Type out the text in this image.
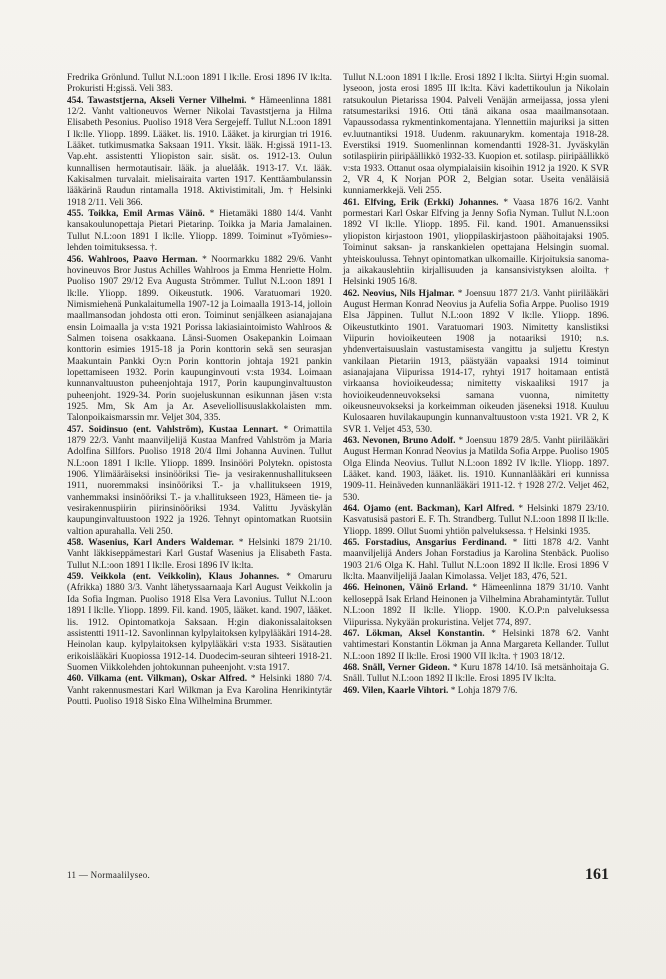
Fredrika Grönlund. Tullut N.L:oon 1891 I lk:lle. Erosi 1896 IV lk:lta. Prokuristi H:gissä. Veli 383.

454. Tawaststjerna, Akseli Verner Vilhelmi. * Hämeenlinna 1881 12/2. Vanht valtioneuvos Werner Nikolai Tavaststjerna ja Hilma Elisabeth Pesonius. Puoliso 1918 Vera Sergejeff. Tullut N.L:oon 1891 I lk:lle. Yliopp. 1899. Lääket. lis. 1910. Lääket. ja kirurgian tri 1916. Lääket. tutkimusmatka Saksaan 1911. Yksit. lääk. H:gissä 1911-13. Vap.eht. assistentti Yliopiston sair. sisät. os. 1912-13. Oulun kunnallisen hermotautisair. lääk. ja alueläåk. 1913-17. V.t. lääk. Kakisalmen turvalait. mielisairaita varten 1917. Kenttäambulanssin lääkärinä Raudun rintamalla 1918. Aktivistimitali, Jm. † Helsinki 1918 2/11. Veli 366.

455. Toikka, Emil Armas Väinö. * Hietamäki 1880 14/4. Vanht kansakoulunopettaja Pietari Pietarinp. Toikka ja Maria Jamalainen. Tullut N.L:oon 1891 I lk:lle. Yliopp. 1899. Toiminut »Työmies»-lehden toimituksessa. †.

456. Wahlroos, Paavo Herman. * Noormarkku 1882 29/6. Vanht hovineuvos Bror Justus Achilles Wahlroos ja Emma Henriette Holm. Puoliso 1907 29/12 Eva Augusta Strömmer. Tullut N.L:oon 1891 I lk:lle. Yliopp. 1899. Oikeustutk. 1906. Varatuomari 1920. Nimismiehenä Punkalaitumella 1907-12 ja Loimaalla 1913-14, jolloin maallmansodan johdosta otti eron. Toiminut senjälkeen asianajajana ensin Loimaalla ja v:sta 1921 Porissa lakiasiaintoimisto Wahlroos & Salmen toisena osakkaana. Länsi-Suomen Osakepankin Loimaan konttorin esimies 1915-18 ja Porin konttorin sekä sen seurasjan Maakuntain Pankki Oy:n Porin konttorin johtaja 1921 pankin lopettamiseen 1932. Porin kaupunginvouti v:sta 1934. Loimaan kunnanvaltuuston puheenjohtaja 1917, Porin kaupunginvaltuuston puheenjoht. 1929-34. Porin suojeluskunnan esikunnan jäsen v:sta 1925. Mm, Sk Am ja Ar. Aseveliollisuuslakkolaisten mm. Talonpoikaismarssin mr. Veljet 304, 335.

457. Soidinsuo (ent. Vahlström), Kustaa Lennart. * Orimattila 1879 22/3. Vanht maanviljelijä Kustaa Manfred Vahlström ja Maria Adolfina Sillfors. Puoliso 1918 20/4 Ilmi Johanna Auvinen. Tullut N.L:oon 1891 I lk:lle. Yliopp. 1899. Insinööri Polytekn. opistosta 1906. Ylimääräiseksi insinööriksi Tie- ja vesirakennushallitukseen 1911, nuoremmaksi insinööriksi T.- ja v.hallitukseen 1919, vanhemmaksi insinööriksi T.- ja v.hallitukseen 1923, Hämeen tie- ja vesirakennuspiirin piirinsinööriksi 1934. Valittu Jyväskylän kaupunginvaltuustoon 1922 ja 1926. Tehnyt opintomatkan Ruotsiin valtion apurahalla. Veli 250.

458. Wasenius, Karl Anders Waldemar. * Helsinki 1879 21/10. Vanht läkkiseppämestari Karl Gustaf Wasenius ja Elisabeth Fasta. Tullut N.L:oon 1891 I lk:lle. Erosi 1896 IV lk:lta.

459. Veikkola (ent. Veikkolin), Klaus Johannes. * Omaruru (Afrikka) 1880 3/3. Vanht lähetyssaarnaaja Karl August Veikkolin ja Ida Sofia Ingman. Puoliso 1918 Elsa Vera Lavonius. Tullut N.L:oon 1891 I lk:lle. Yliopp. 1899. Fil. kand. 1905, lääket. kand. 1907, lääket. lis. 1912. Opintomatkoja Saksaan. H:gin diakonissalaitoksen assistentti 1911-12. Savonlinnan kylpylaitoksen kylpylääkäri 1914-28. Heinolan kaup. kylpylaitoksen kylpylääkäri v:sta 1933. Sisätautien erikoislääkäri Kuopiossa 1912-14. Duodecim-seuran sihteeri 1918-21. Suomen Viikkolehden johtokunnan puheenjoht. v:sta 1917.

460. Vilkama (ent. Vilkman), Oskar Alfred. * Helsinki 1880 7/4. Vanht rakennusmestari Karl Wilkman ja Eva Karolina Henrikintytär Poutti. Puoliso 1918 Sisko Elna Wilhelmina Brummer.

Tullut N.L:oon 1891 I lk:lle. Erosi 1892 I lk:lta. Siirtyi H:gin suomal. lyseoon, josta erosi 1895 III lk:lta. Kävi kadettikoulun ja Nikolain ratsukoulun Pietarissa 1904. Palveli Venäjän armeijassa, jossa yleni ratsumestariksi 1916. Otti tänä aikana osaa maailmansotaan. Vapaussodassa rykmentinkomentajana. Ylennettiin majuriksi ja sitten ev.luutnantiksi 1918. Uudenm. rakuunarykm. komentaja 1918-28. Everstiksi 1919. Suomenlinnan komendantti 1928-31. Jyväskylän sotilaspiirin piiripäällikkö 1932-33. Kuopion et. sotilasp. piiripäällikkö v:sta 1933. Ottanut osaa olympialaisiin kisoihin 1912 ja 1920. K SVR 2, VR 4, K Norjan POR 2, Belgian sotar. Useita venäläisiä kunniamerkkejä. Veli 255.

461. Elfving, Erik (Erkki) Johannes. * Vaasa 1876 16/2. Vanht pormestari Karl Oskar Elfving ja Jenny Sofia Nyman. Tullut N.L:oon 1892 VI lk:lle. Yliopp. 1895. Fil. kand. 1901. Amanuenssiksi yliopiston kirjastoon 1901, ylioppilaskirjastoon päähoitajaksi 1905. Toiminut saksan- ja ranskankielen opettajana Helsingin suomal. yhteiskoulussa. Tehnyt opintomatkan ulkomaille. Kirjoituksia sanoma- ja aikakauslehtiin kirjallisuuden ja kansansivistyksen aloilta. † Helsinki 1905 16/8.

462. Neovius, Nils Hjalmar. * Joensuu 1877 21/3. Vanht piirilääkäri August Herman Konrad Neovius ja Aufelia Sofia Arppe. Puoliso 1919 Elsa Jäppinen. Tullut N.L:oon 1892 V lk:lle. Yliopp. 1896. Oikeustutkinto 1901. Varatuomari 1903. Nimitetty kanslistiksi Viipurin hovioikeuteen 1908 ja notaariksi 1910; n.s. yhdenvertaisuuslain vastustamisesta vangittu ja suljettu Krestyn vankilaan Pietariin 1913, päästyään vapaaksi 1914 toiminut asianajajana Viipurissa 1914-17, ryhtyi 1917 hoitamaan entistä virkaansa hovioikeudessa; nimitetty viskaaliksi 1917 ja hovioikeudenneuvokseksi samana vuonna, nimitetty oikeusneuvokseksi ja korkeimman oikeuden jäseneksi 1918. Kuuluu Kulosaaren huvilakaupungin kunnanvaltuustoon v:sta 1921. VR 2, K SVR 1. Veljet 453, 530.

463. Nevonen, Bruno Adolf. * Joensuu 1879 28/5. Vanht piirilääkäri August Herman Konrad Neovius ja Matilda Sofia Arppe. Puoliso 1905 Olga Elinda Neovius. Tullut N.L:oon 1892 IV lk:lle. Yliopp. 1897. Lääket. kand. 1903, lääket. lis. 1910. Kunnanlääkäri eri kunnissa 1909-11. Heinäveden kunnanlääkäri 1911-12. † 1928 27/2. Veljet 462, 530.

464. Ojamo (ent. Backman), Karl Alfred. * Helsinki 1879 23/10. Kasvatusisä pastori E. F. Th. Strandberg. Tullut N.L:oon 1898 II lk:lle. Yliopp. 1899. Ollut Suomi yhtiön palveluksessa. † Helsinki 1935.

465. Forstadius, Ansgarius Ferdinand. * Iitti 1878 4/2. Vanht maanviljelijä Anders Johan Forstadius ja Karolina Stenbäck. Puoliso 1903 21/6 Olga K. Hahl. Tullut N.L:oon 1892 II lk:lle. Erosi 1896 V lk:lta. Maanviljelijä Jaalan Kimolassa. Veljet 183, 476, 521.

466. Heinonen, Väinö Erland. * Hämeenlinna 1879 31/10. Vanht kelloseppä Isak Erland Heinonen ja Vilhelmina Abrahamintytär. Tullut N.L:oon 1892 II lk:lle. Yliopp. 1900. K.O.P:n palveluksessa Viipurissa. Nykyään prokuristina. Veljet 774, 897.

467. Lökman, Aksel Konstantin. * Helsinki 1878 6/2. Vanht vahtimestari Konstantin Lökman ja Anna Margareta Kellander. Tullut N.L:oon 1892 II lk:lle. Erosi 1900 VII lk:lta. † 1903 18/12.

468. Snäll, Verner Gideon. * Kuru 1878 14/10. Isä metsänhoitaja G. Snäll. Tullut N.L:oon 1892 II lk:lle. Erosi 1895 IV lk:lta.

469. Vilen, Kaarle Vihtori. * Lohja 1879 7/6.

11 — Normaalilyseo.	161
